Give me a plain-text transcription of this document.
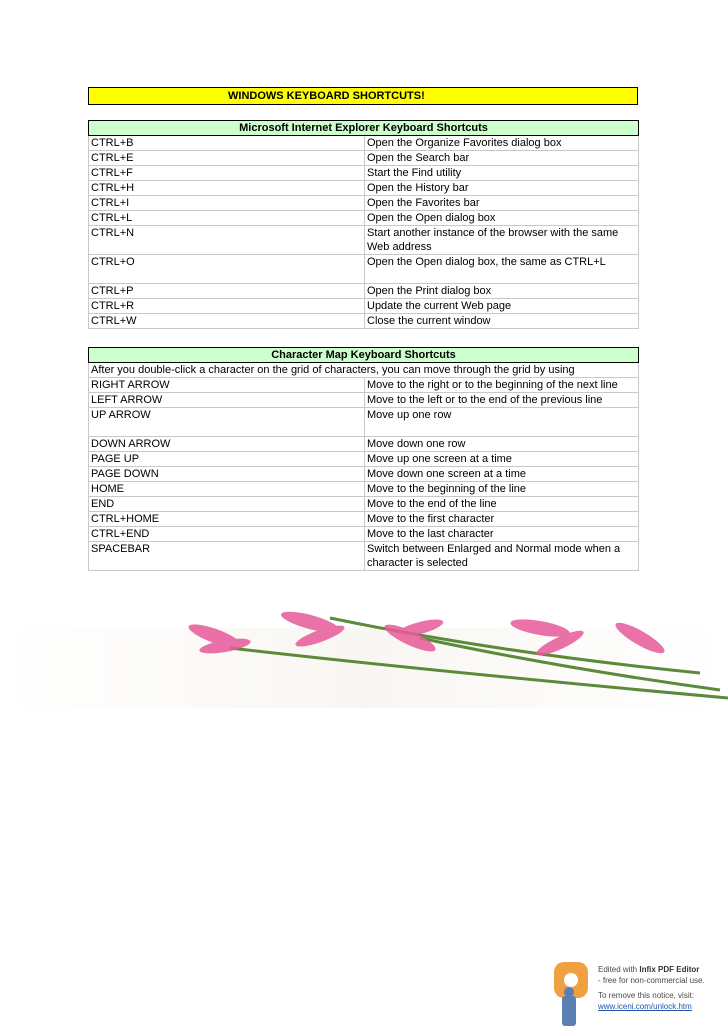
WINDOWS KEYBOARD SHORTCUTS!
Microsoft Internet Explorer Keyboard Shortcuts	
CTRL+B	Open the Organize Favorites dialog box
CTRL+E	Open the Search bar
CTRL+F	Start the Find utility
CTRL+H	Open the History bar
CTRL+I	Open the Favorites bar
CTRL+L	Open the Open dialog box
CTRL+N	Start another instance of the browser with the same Web address
CTRL+O	Open the Open dialog box, the same as CTRL+L
CTRL+P	Open the Print dialog box
CTRL+R	Update the current Web page
CTRL+W	Close the current window
Character Map Keyboard Shortcuts	
After you double-click a character on the grid of characters, you can move through the grid by using	
RIGHT ARROW	Move to the right or to the beginning of the next line
LEFT ARROW	Move to the left or to the end of the previous line
UP ARROW	Move up one row
DOWN ARROW	Move down one row
PAGE UP	Move up one screen at a time
PAGE DOWN	Move down one screen at a time
HOME	Move to the beginning of the line
END	Move to the end of the line
CTRL+HOME	Move to the first character
CTRL+END	Move to the last character
SPACEBAR	Switch between Enlarged and Normal mode when a character is selected
Edited with Infix PDF Editor
- free for non-commercial use.
To remove this notice, visit:
www.iceni.com/unlock.htm
